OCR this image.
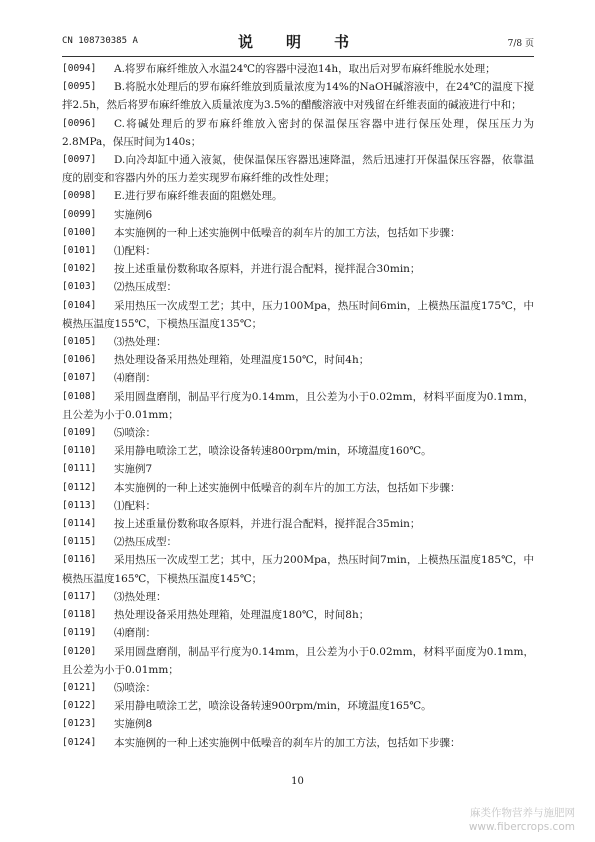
CN 108730385 A	说　明　书	7/8 页
[0094]	A.将罗布麻纤维放入水温24℃的容器中浸泡14h，取出后对罗布麻纤维脱水处理；
[0095]	B.将脱水处理后的罗布麻纤维放到质量浓度为14%的NaOH碱溶液中，在24℃的温度下搅拌2.5h，然后将罗布麻纤维放入质量浓度为3.5%的醋酸溶液中对残留在纤维表面的碱液进行中和；
[0096]	C.将碱处理后的罗布麻纤维放入密封的保温保压容器中进行保压处理，保压压力为2.8MPa，保压时间为140s；
[0097]	D.向冷却缸中通入液氮，使保温保压容器迅速降温，然后迅速打开保温保压容器，依靠温度的剧变和容器内外的压力差实现罗布麻纤维的改性处理；
[0098]	E.进行罗布麻纤维表面的阻燃处理。
[0099]	实施例6
[0100]	本实施例的一种上述实施例中低噪音的刹车片的加工方法，包括如下步骤：
[0101]	⑴配料：
[0102]	按上述重量份数称取各原料，并进行混合配料，搅拌混合30min；
[0103]	⑵热压成型：
[0104]	采用热压一次成型工艺；其中，压力100Mpa，热压时间6min，上模热压温度175℃，中模热压温度155℃，下模热压温度135℃；
[0105]	⑶热处理：
[0106]	热处理设备采用热处理箱，处理温度150℃，时间4h；
[0107]	⑷磨削：
[0108]	采用圆盘磨削，制品平行度为0.14mm，且公差为小于0.02mm，材料平面度为0.1mm，且公差为小于0.01mm；
[0109]	⑸喷涂：
[0110]	采用静电喷涂工艺，喷涂设备转速800rpm/min，环境温度160℃。
[0111]	实施例7
[0112]	本实施例的一种上述实施例中低噪音的刹车片的加工方法，包括如下步骤：
[0113]	⑴配料：
[0114]	按上述重量份数称取各原料，并进行混合配料，搅拌混合35min；
[0115]	⑵热压成型：
[0116]	采用热压一次成型工艺；其中，压力200Mpa，热压时间7min，上模热压温度185℃，中模热压温度165℃，下模热压温度145℃；
[0117]	⑶热处理：
[0118]	热处理设备采用热处理箱，处理温度180℃，时间8h；
[0119]	⑷磨削：
[0120]	采用圆盘磨削，制品平行度为0.14mm，且公差为小于0.02mm，材料平面度为0.1mm，且公差为小于0.01mm；
[0121]	⑸喷涂：
[0122]	采用静电喷涂工艺，喷涂设备转速900rpm/min，环境温度165℃。
[0123]	实施例8
[0124]	本实施例的一种上述实施例中低噪音的刹车片的加工方法，包括如下步骤：
10
麻类作物营养与施肥网
www.fibercrops.com
